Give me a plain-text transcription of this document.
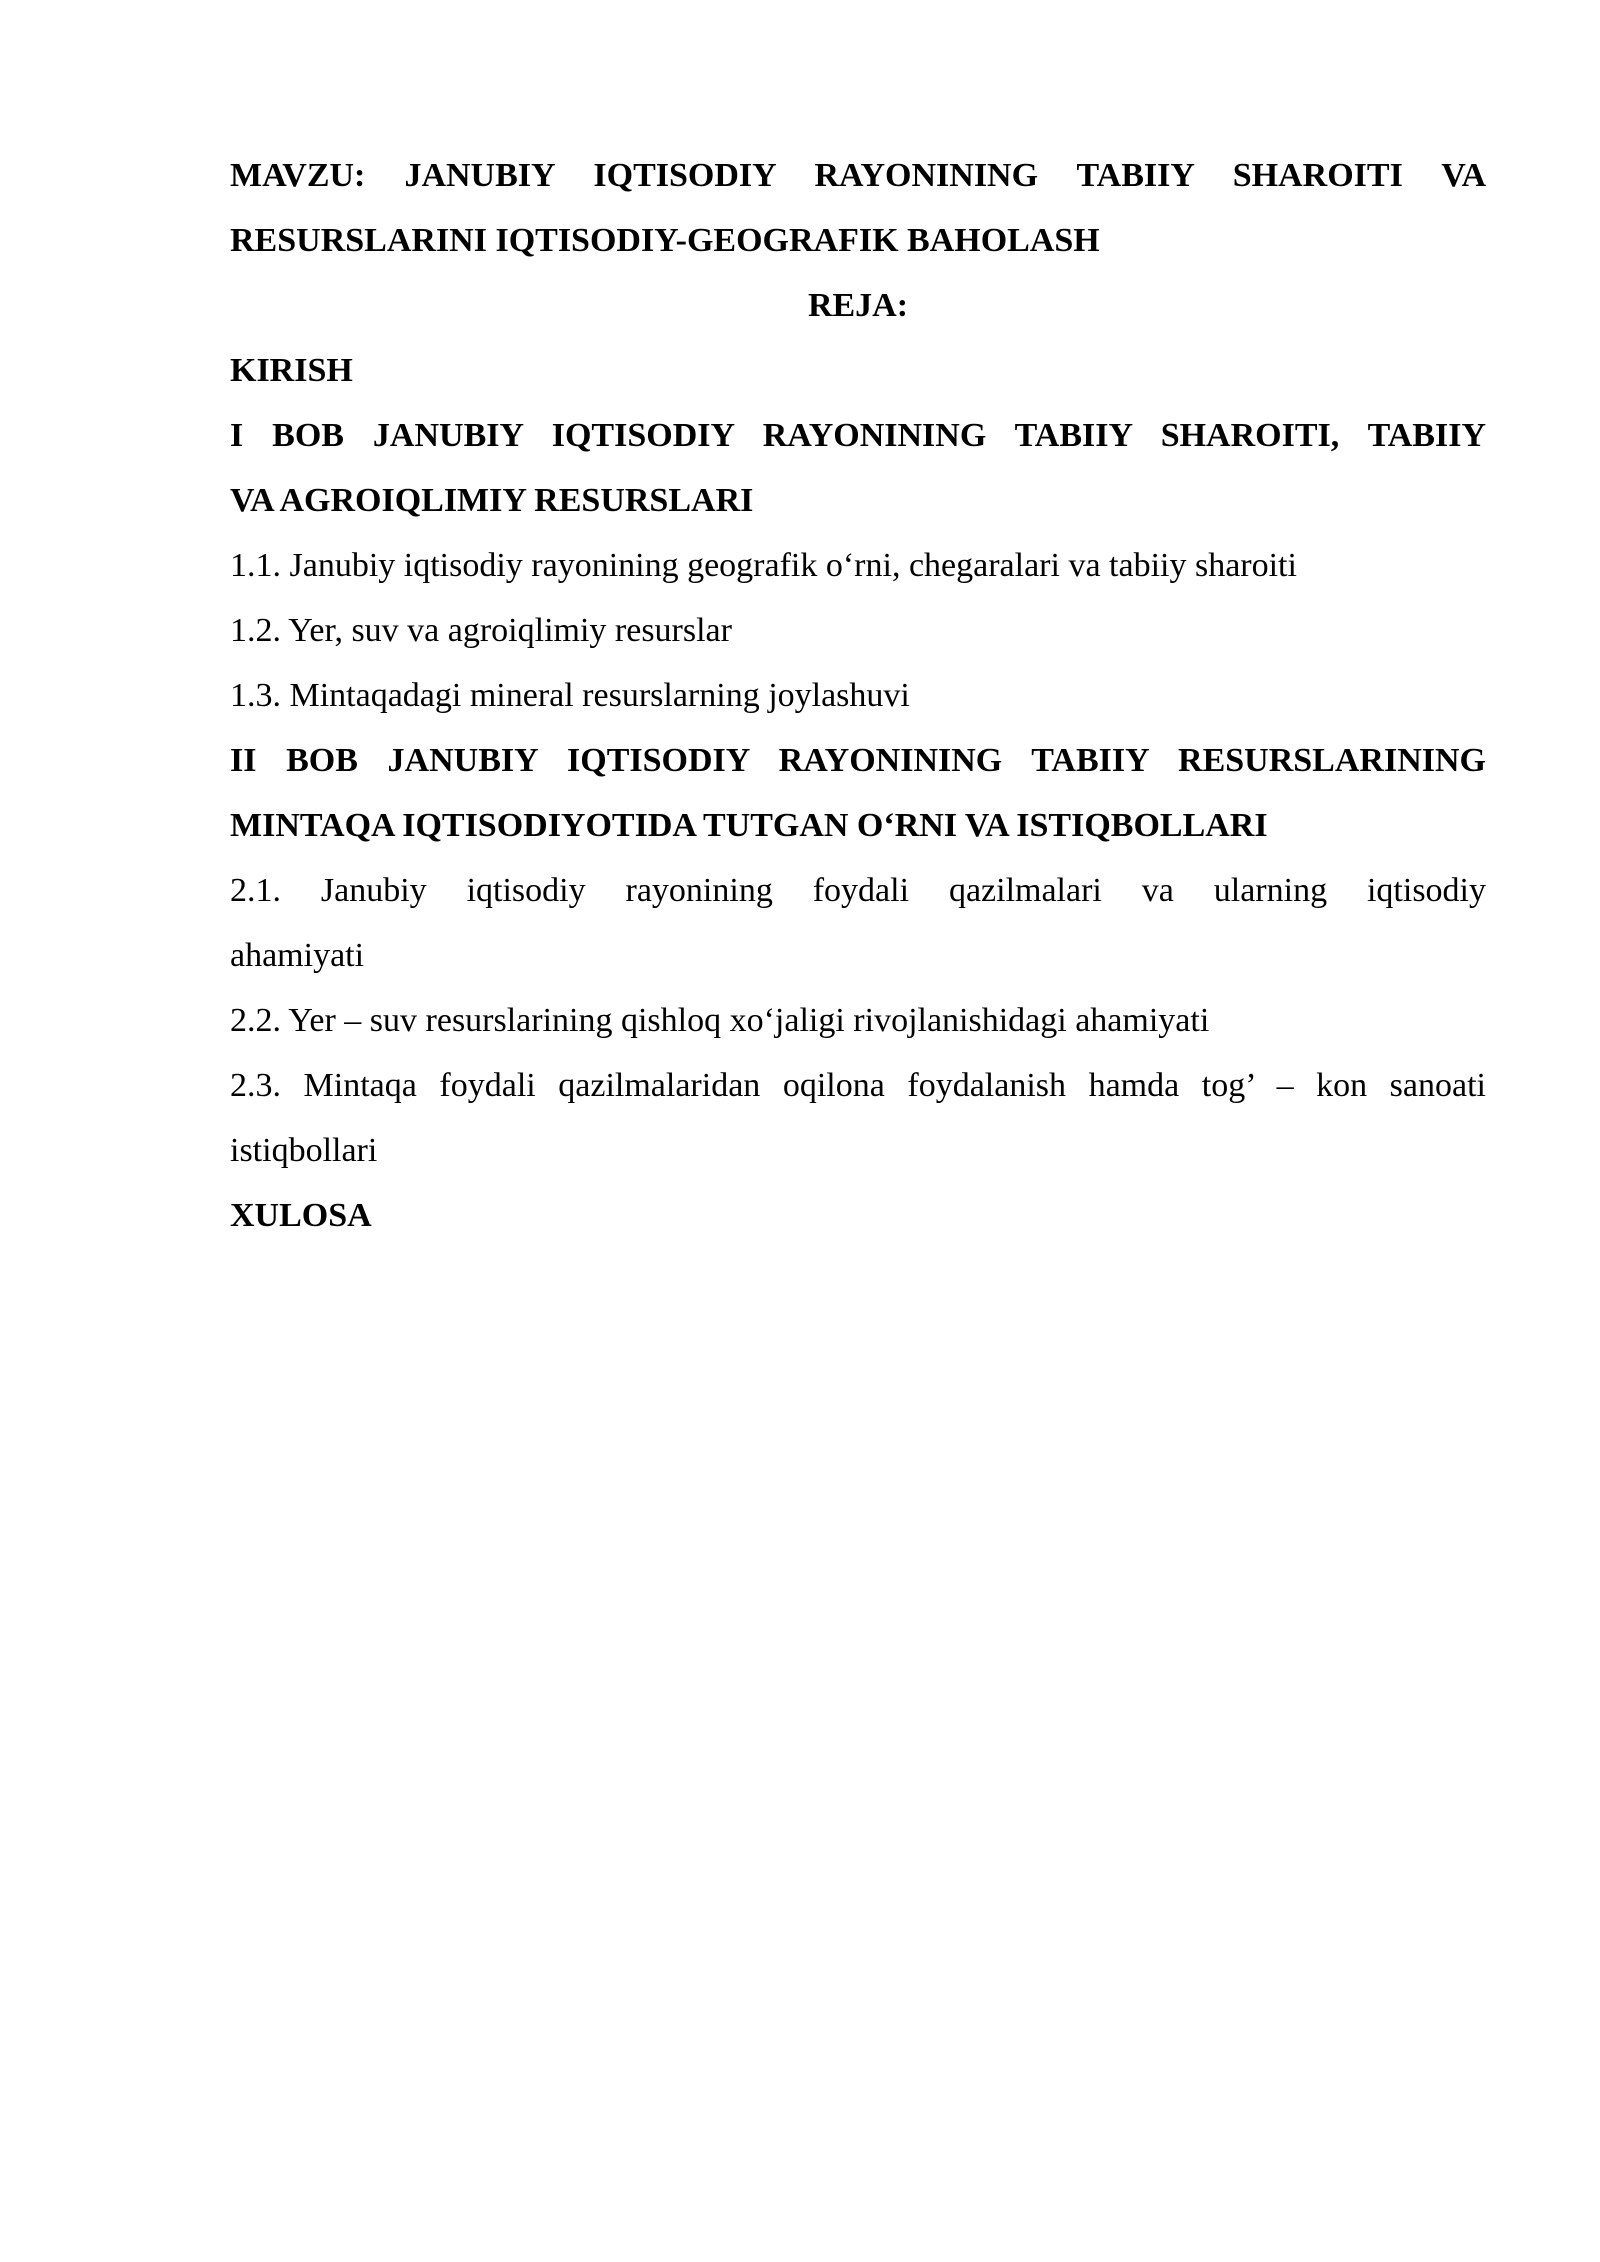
MAVZU: JANUBIY IQTISODIY RAYONINING TABIIY SHAROITI VA

RESURSLARINI IQTISODIY-GEOGRAFIK BAHOLASH

REJA:

KIRISH

I BOB JANUBIY IQTISODIY RAYONINING TABIIY SHAROITI, TABIIY

VA AGROIQLIMIY RESURSLARI

1.1. Janubiy iqtisodiy rayonining geografik o‘rni, chegaralari va tabiiy sharoiti

1.2. Yer, suv va agroiqlimiy resurslar

1.3. Mintaqadagi mineral resurslarning joylashuvi

II BOB JANUBIY IQTISODIY RAYONINING TABIIY RESURSLARINING

MINTAQA IQTISODIYOTIDA TUTGAN O‘RNI VA ISTIQBOLLARI

2.1. Janubiy iqtisodiy rayonining foydali qazilmalari va ularning iqtisodiy

ahamiyati

2.2. Yer – suv resurslarining qishloq xo‘jaligi rivojlanishidagi ahamiyati

2.3. Mintaqa foydali qazilmalaridan oqilona foydalanish hamda tog’ – kon sanoati

istiqbollari

XULOSA
